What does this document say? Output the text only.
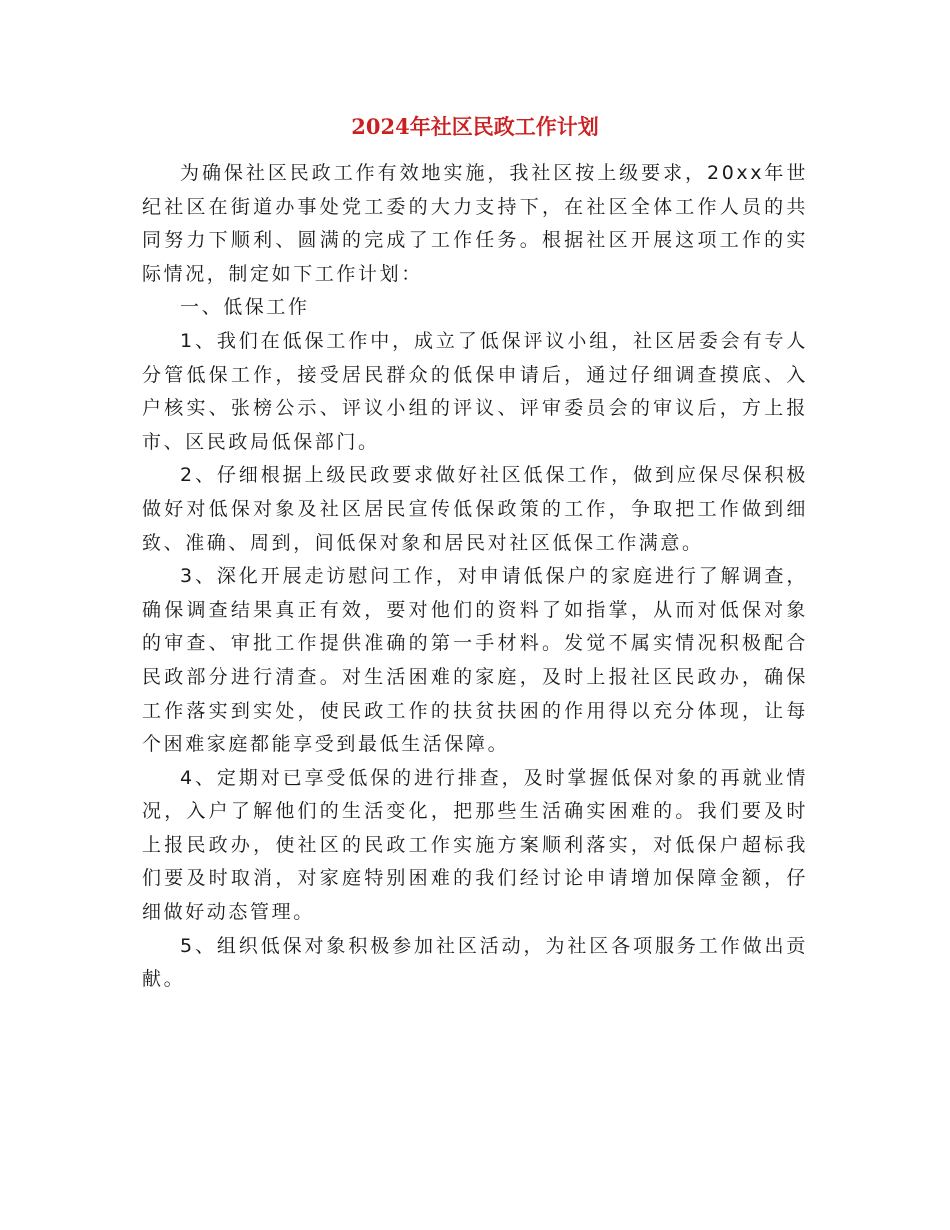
2024年社区民政工作计划

为确保社区民政工作有效地实施，我社区按上级要求，20xx年世纪社区在街道办事处党工委的大力支持下，在社区全体工作人员的共同努力下顺利、圆满的完成了工作任务。根据社区开展这项工作的实际情况，制定如下工作计划：

一、低保工作

1、我们在低保工作中，成立了低保评议小组，社区居委会有专人分管低保工作，接受居民群众的低保申请后，通过仔细调查摸底、入户核实、张榜公示、评议小组的评议、评审委员会的审议后，方上报市、区民政局低保部门。

2、仔细根据上级民政要求做好社区低保工作，做到应保尽保积极做好对低保对象及社区居民宣传低保政策的工作，争取把工作做到细致、准确、周到，间低保对象和居民对社区低保工作满意。

3、深化开展走访慰问工作，对申请低保户的家庭进行了解调查，确保调查结果真正有效，要对他们的资料了如指掌，从而对低保对象的审查、审批工作提供准确的第一手材料。发觉不属实情况积极配合民政部分进行清查。对生活困难的家庭，及时上报社区民政办，确保工作落实到实处，使民政工作的扶贫扶困的作用得以充分体现，让每个困难家庭都能享受到最低生活保障。

4、定期对已享受低保的进行排查，及时掌握低保对象的再就业情况，入户了解他们的生活变化，把那些生活确实困难的。我们要及时上报民政办，使社区的民政工作实施方案顺利落实，对低保户超标我们要及时取消，对家庭特别困难的我们经讨论申请增加保障金额，仔细做好动态管理。

5、组织低保对象积极参加社区活动，为社区各项服务工作做出贡献。
